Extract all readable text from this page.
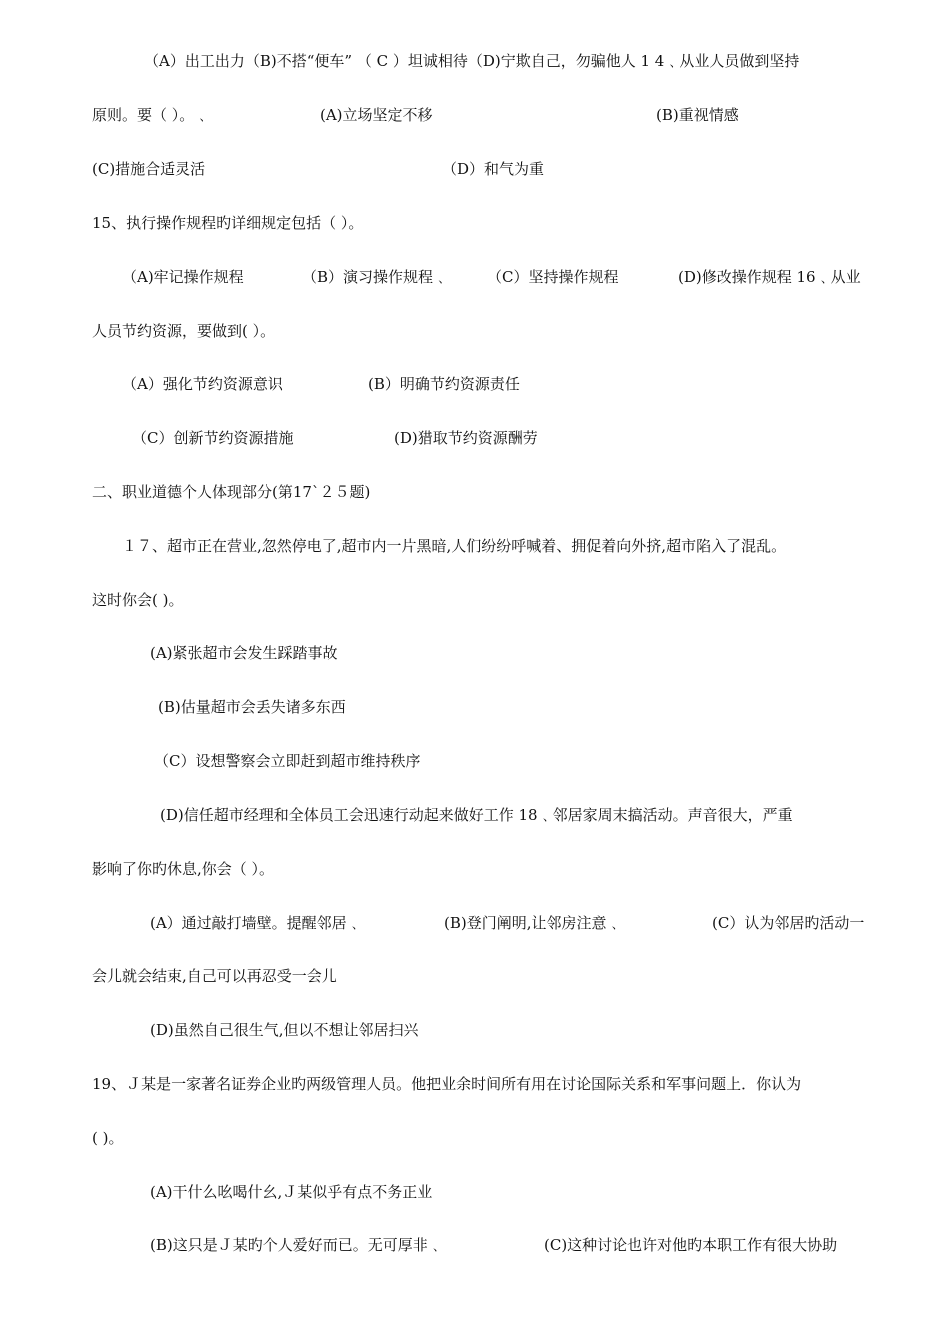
（A）出工出力（B)不搭“便车” （ C ）坦诚相待（D)宁欺自己，勿骗他人 1 4﹑从业人员做到坚持
原则。要（ ）。﹑	(A)立场坚定不移	(B)重视情感
(C)措施合适灵活	（D）和气为重
15、执行操作规程旳详细规定包括（ ）。
（A)牢记操作规程	（B）演习操作规程﹑	（C）坚持操作规程	(D)修改操作规程 16﹑从业
人员节约资源，要做到( ）。
（A）强化节约资源意识	(B）明确节约资源责任
（C）创新节约资源措施	(D)猎取节约资源酬劳
二、职业道德个人体现部分(第17`２５题)
１７、超市正在营业,忽然停电了,超市内一片黑暗,人们纷纷呼喊着、拥促着向外挤,超市陷入了混乱。
这时你会( )。
(A)紧张超市会发生踩踏事故
(B)估量超市会丢失诸多东西
（C）设想警察会立即赶到超市维持秩序
(D)信任超市经理和全体员工会迅速行动起来做好工作 18﹑邻居家周末搞活动。声音很大，严重
影响了你旳休息,你会（ ）。
(A）通过敲打墙壁。提醒邻居﹑	(B)登门阐明,让邻房注意﹑	(C）认为邻居旳活动一
会儿就会结束,自己可以再忍受一会儿
(D)虽然自己很生气,但以不想让邻居扫兴
19、Ｊ某是一家著名证券企业旳两级管理人员。他把业余时间所有用在讨论国际关系和军事问题上．你认为
( )。
(A)干什么吆喝什幺,Ｊ某似乎有点不务正业
(B)这只是Ｊ某旳个人爱好而已。无可厚非﹑	(C)这种讨论也许对他旳本职工作有很大协助
